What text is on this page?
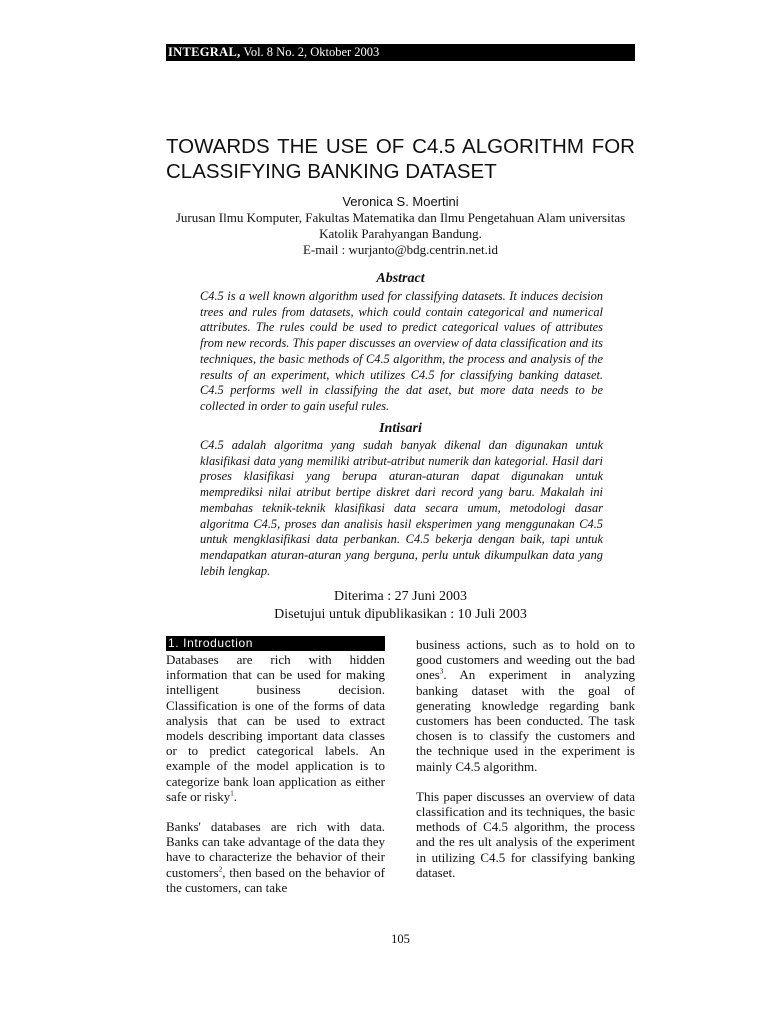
INTEGRAL, Vol. 8 No. 2, Oktober 2003
TOWARDS THE USE OF C4.5 ALGORITHM FOR CLASSIFYING BANKING DATASET
Veronica S. Moertini
Jurusan Ilmu Komputer, Fakultas Matematika dan Ilmu Pengetahuan Alam universitas
Katolik Parahyangan Bandung.
E-mail : wurjanto@bdg.centrin.net.id
Abstract

C4.5 is a well known algorithm used for classifying datasets. It induces decision trees and rules from datasets, which could contain categorical and numerical attributes. The rules could be used to predict categorical values of attributes from new records. This paper discusses an overview of data classification and its techniques, the basic methods of C4.5 algorithm, the process and analysis of the results of an experiment, which utilizes C4.5 for classifying banking dataset. C4.5 performs well in classifying the dat aset, but more data needs to be collected in order to gain useful rules.

Intisari

C4.5 adalah algoritma yang sudah banyak dikenal dan digunakan untuk klasifikasi data yang memiliki atribut-atribut numerik dan kategorial. Hasil dari proses klasifikasi yang berupa aturan-aturan dapat digunakan untuk memprediksi nilai atribut bertipe diskret dari record yang baru. Makalah ini membahas teknik-teknik klasifikasi data secara umum, metodologi dasar algoritma C4.5, proses dan analisis hasil eksperimen yang menggunakan C4.5 untuk mengklasifikasi data perbankan. C4.5 bekerja dengan baik, tapi untuk mendapatkan aturan-aturan yang berguna, perlu untuk dikumpulkan data yang lebih lengkap.

Diterima : 27 Juni 2003
Disetujui untuk dipublikasikan : 10 Juli 2003
1. Introduction

Databases are rich with hidden information that can be used for making intelligent business decision. Classification is one of the forms of data analysis that can be used to extract models describing important data classes or to predict categorical labels. An example of the model application is to categorize bank loan application as either safe or risky$^1$.

Banks' databases are rich with data. Banks can take advantage of the data they have to characterize the behavior of their customers$^2$, then based on the behavior of the customers, can take

business actions, such as to hold on to good customers and weeding out the bad ones$^3$. An experiment in analyzing banking dataset with the goal of generating knowledge regarding bank customers has been conducted. The task chosen is to classify the customers and the technique used in the experiment is mainly C4.5 algorithm.

This paper discusses an overview of data classification and its techniques, the basic methods of C4.5 algorithm, the process and the res ult analysis of the experiment in utilizing C4.5 for classifying banking dataset.

105
